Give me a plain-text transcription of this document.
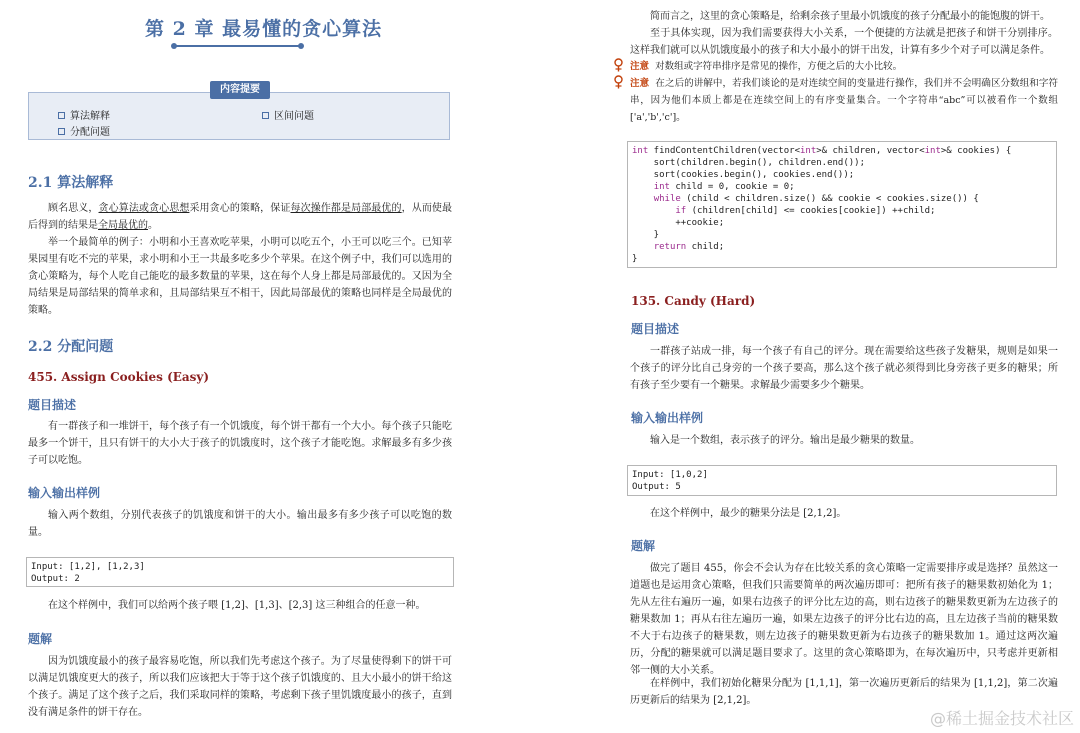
第 2 章 最易懂的贪心算法
内容提要
算法解释	区间问题
分配问题
2.1 算法解释
顾名思义，贪心算法或贪心思想采用贪心的策略，保证每次操作都是局部最优的，从而使最后得到的结果是全局最优的。
举一个最简单的例子：小明和小王喜欢吃苹果，小明可以吃五个，小王可以吃三个。已知苹果园里有吃不完的苹果，求小明和小王一共最多吃多少个苹果。在这个例子中，我们可以选用的贪心策略为，每个人吃自己能吃的最多数量的苹果，这在每个人身上都是局部最优的。又因为全局结果是局部结果的简单求和，且局部结果互不相干，因此局部最优的策略也同样是全局最优的策略。
2.2 分配问题
455. Assign Cookies (Easy)
题目描述
有一群孩子和一堆饼干，每个孩子有一个饥饿度，每个饼干都有一个大小。每个孩子只能吃最多一个饼干，且只有饼干的大小大于孩子的饥饿度时，这个孩子才能吃饱。求解最多有多少孩子可以吃饱。
输入输出样例
输入两个数组，分别代表孩子的饥饿度和饼干的大小。输出最多有多少孩子可以吃饱的数量。
Input: [1,2], [1,2,3]
Output: 2
在这个样例中，我们可以给两个孩子喂 [1,2]、[1,3]、[2,3] 这三种组合的任意一种。
题解
因为饥饿度最小的孩子最容易吃饱，所以我们先考虑这个孩子。为了尽量使得剩下的饼干可以满足饥饿度更大的孩子，所以我们应该把大于等于这个孩子饥饿度的、且大小最小的饼干给这个孩子。满足了这个孩子之后，我们采取同样的策略，考虑剩下孩子里饥饿度最小的孩子，直到没有满足条件的饼干存在。
简而言之，这里的贪心策略是，给剩余孩子里最小饥饿度的孩子分配最小的能饱腹的饼干。
至于具体实现，因为我们需要获得大小关系，一个便捷的方法就是把孩子和饼干分别排序。这样我们就可以从饥饿度最小的孩子和大小最小的饼干出发，计算有多少个对子可以满足条件。
注意 对数组或字符串排序是常见的操作，方便之后的大小比较。
注意 在之后的讲解中，若我们谈论的是对连续空间的变量进行操作，我们并不会明确区分数组和字符串，因为他们本质上都是在连续空间上的有序变量集合。一个字符串“abc”可以被看作一个数组 ['a','b','c']。
int findContentChildren(vector<int>& children, vector<int>& cookies) {
sort(children.begin(), children.end());
sort(cookies.begin(), cookies.end());
int child = 0, cookie = 0;
while (child < children.size() && cookie < cookies.size()) {
if (children[child] <= cookies[cookie]) ++child;
++cookie;
}
return child;
}
135. Candy (Hard)
题目描述
一群孩子站成一排，每一个孩子有自己的评分。现在需要给这些孩子发糖果，规则是如果一个孩子的评分比自己身旁的一个孩子要高，那么这个孩子就必须得到比身旁孩子更多的糖果；所有孩子至少要有一个糖果。求解最少需要多少个糖果。
输入输出样例
输入是一个数组，表示孩子的评分。输出是最少糖果的数量。
Input: [1,0,2]
Output: 5
在这个样例中，最少的糖果分法是 [2,1,2]。
题解
做完了题目 455，你会不会认为存在比较关系的贪心策略一定需要排序或是选择？虽然这一道题也是运用贪心策略，但我们只需要简单的两次遍历即可：把所有孩子的糖果数初始化为 1；先从左往右遍历一遍，如果右边孩子的评分比左边的高，则右边孩子的糖果数更新为左边孩子的糖果数加 1；再从右往左遍历一遍，如果左边孩子的评分比右边的高，且左边孩子当前的糖果数不大于右边孩子的糖果数，则左边孩子的糖果数更新为右边孩子的糖果数加 1。通过这两次遍历，分配的糖果就可以满足题目要求了。这里的贪心策略即为，在每次遍历中，只考虑并更新相邻一侧的大小关系。
在样例中，我们初始化糖果分配为 [1,1,1]，第一次遍历更新后的结果为 [1,1,2]，第二次遍历更新后的结果为 [2,1,2]。
@稀土掘金技术社区
